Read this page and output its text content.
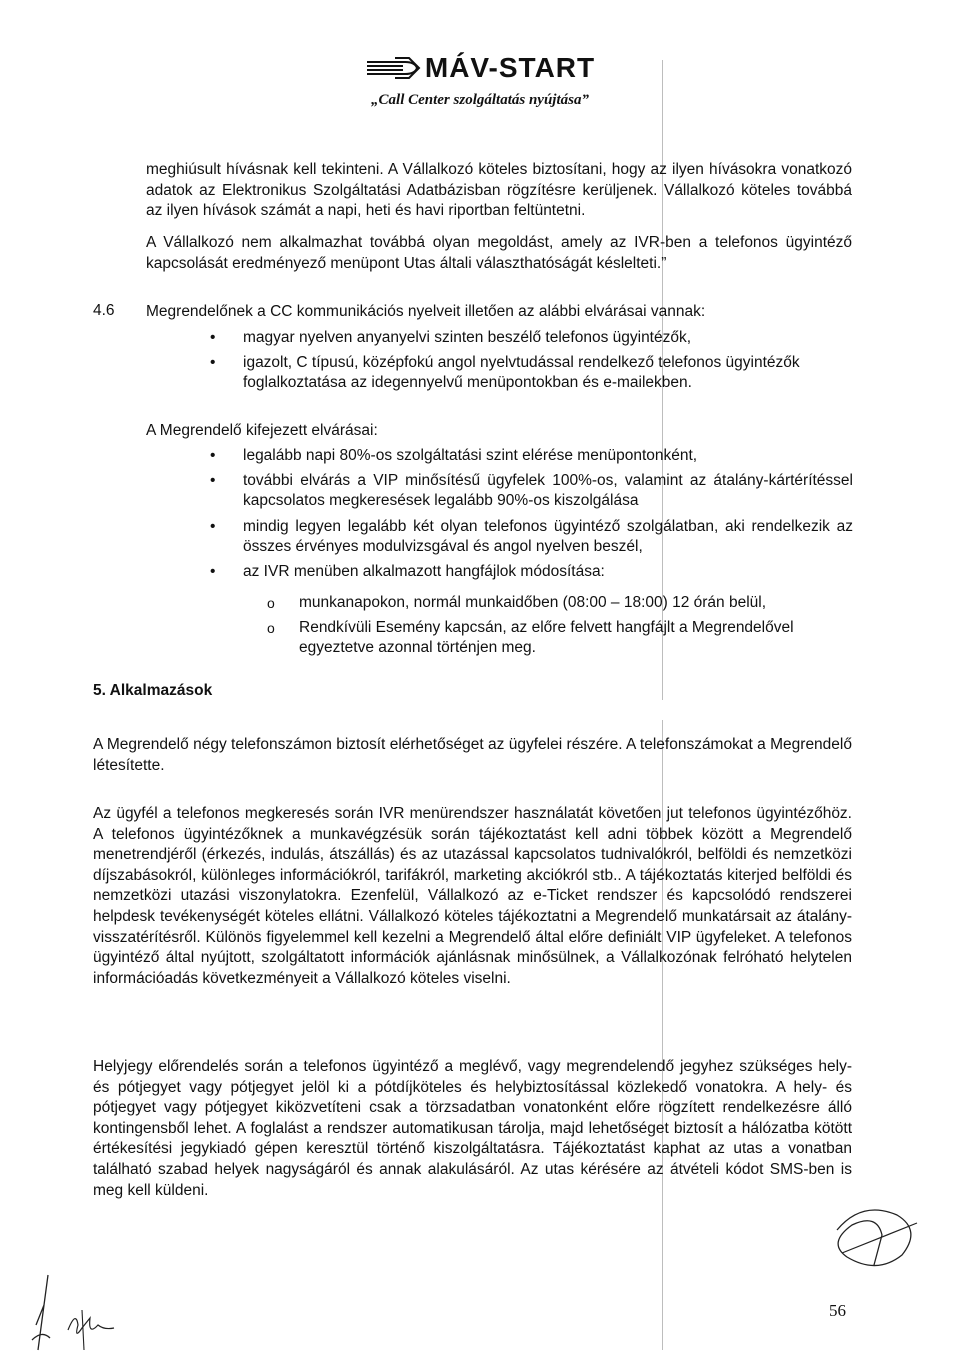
MÁV-START
„Call Center szolgáltatás nyújtása”

meghiúsult hívásnak kell tekinteni. A Vállalkozó köteles biztosítani, hogy az ilyen hívásokra vonatkozó adatok az Elektronikus Szolgáltatási Adatbázisban rögzítésre kerüljenek. Vállalkozó köteles továbbá az ilyen hívások számát a napi, heti és havi riportban feltüntetni.

A Vállalkozó nem alkalmazhat továbbá olyan megoldást, amely az IVR-ben a telefonos ügyintéző kapcsolását eredményező menüpont Utas általi választhatóságát késlelteti.”

4.6 Megrendelőnek a CC kommunikációs nyelveit illetően az alábbi elvárásai vannak:

• magyar nyelven anyanyelvi szinten beszélő telefonos ügyintézők,
• igazolt, C típusú, középfokú angol nyelvtudással rendelkező telefonos ügyintézők foglalkoztatása az idegennyelvű menüpontokban és e-mailekben.

A Megrendelő kifejezett elvárásai:

• legalább napi 80%-os szolgáltatási szint elérése menüpontonként,
• további elvárás a VIP minősítésű ügyfelek 100%-os, valamint az átalány-kártérítéssel kapcsolatos megkeresések legalább 90%-os kiszolgálása
• mindig legyen legalább két olyan telefonos ügyintéző szolgálatban, aki rendelkezik az összes érvényes modulvizsgával és angol nyelven beszél,
• az IVR menüben alkalmazott hangfájlok módosítása:
o munkanapokon, normál munkaidőben (08:00 – 18:00) 12 órán belül,
o Rendkívüli Esemény kapcsán, az előre felvett hangfájlt a Megrendelővel egyeztetve azonnal történjen meg.
5. Alkalmazások

A Megrendelő négy telefonszámon biztosít elérhetőséget az ügyfelei részére. A telefonszámokat a Megrendelő létesítette.

Az ügyfél a telefonos megkeresés során IVR menürendszer használatát követően jut telefonos ügyintézőhöz. A telefonos ügyintézőknek a munkavégzésük során tájékoztatást kell adni többek között a Megrendelő menetrendjéről (érkezés, indulás, átszállás) és az utazással kapcsolatos tudnivalókról, belföldi és nemzetközi díjszabásokról, különleges információkról, tarifákról, marketing akciókról stb.. A tájékoztatás kiterjed belföldi és nemzetközi utazási viszonylatokra. Ezenfelül, Vállalkozó az e-Ticket rendszer és kapcsolódó rendszerei helpdesk tevékenységét köteles ellátni. Vállalkozó köteles tájékoztatni a Megrendelő munkatársait az átalány-visszatérítésről. Különös figyelemmel kell kezelni a Megrendelő által előre definiált VIP ügyfeleket. A telefonos ügyintéző által nyújtott, szolgáltatott információk ajánlásnak minősülnek, a Vállalkozónak felróható helytelen információadás következményeit a Vállalkozó köteles viselni.

Helyjegy előrendelés során a telefonos ügyintéző a meglévő, vagy megrendelendő jegyhez szükséges hely- és pótjegyet vagy pótjegyet jelöl ki a pótdíjköteles és helybiztosítással közlekedő vonatokra. A hely- és pótjegyet vagy pótjegyet kiközvetíteni csak a törzsadatban vonatonként előre rögzített rendelkezésre álló kontingensből lehet. A foglalást a rendszer automatikusan tárolja, majd lehetőséget biztosít a hálózatba kötött értékesítési jegykiadó gépen keresztül történő kiszolgáltatásra. Tájékoztatást kaphat az utas a vonatban található szabad helyek nagyságáról és annak alakulásáról. Az utas kérésére az átvételi kódot SMS-ben is meg kell küldeni.

56
